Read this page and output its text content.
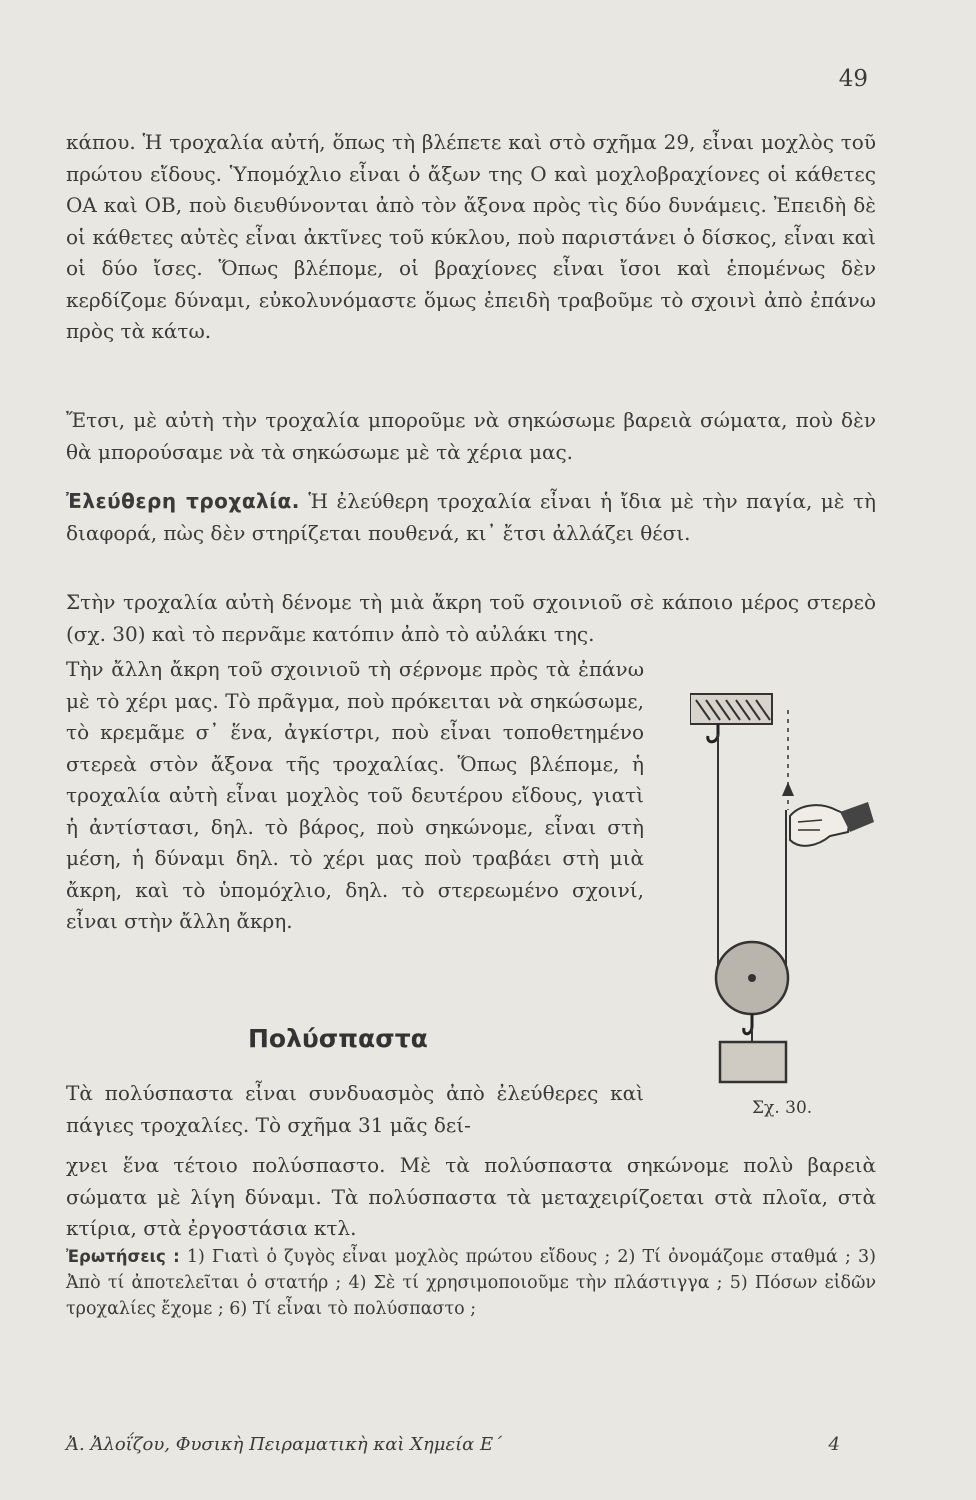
49

κάπου. Ἡ τροχαλία αὐτή, ὅπως τὴ βλέπετε καὶ στὸ σχῆμα 29, εἶναι μοχλὸς τοῦ πρώτου εἴδους. Ὑπομόχλιο εἶναι ὁ ἄξων της O καὶ μοχλοβραχίονες οἱ κάθετες OA καὶ OB, ποὺ διευθύνονται ἀπὸ τὸν ἄξονα πρὸς τὶς δύο δυνάμεις. Ἐπειδὴ δὲ οἱ κάθετες αὐτὲς εἶναι ἀκτῖνες τοῦ κύκλου, ποὺ παριστάνει ὁ δίσκος, εἶναι καὶ οἱ δύο ἴσες. Ὅπως βλέπομε, οἱ βραχίονες εἶναι ἴσοι καὶ ἑπομένως δὲν κερδίζομε δύναμι, εὐκολυνόμαστε ὅμως ἐπειδὴ τραβοῦμε τὸ σχοινὶ ἀπὸ ἐπάνω πρὸς τὰ κάτω.

Ἔτσι, μὲ αὐτὴ τὴν τροχαλία μποροῦμε νὰ σηκώσωμε βαρειὰ σώματα, ποὺ δὲν θὰ μπορούσαμε νὰ τὰ σηκώσωμε μὲ τὰ χέρια μας.

Ἐλεύθερη τροχαλία. Ἡ ἐλεύθερη τροχαλία εἶναι ἡ ἴδια μὲ τὴν παγία, μὲ τὴ διαφορά, πὼς δὲν στηρίζεται πουθενά, κι᾿ ἔτσι ἀλλάζει θέσι.

Στὴν τροχαλία αὐτὴ δένομε τὴ μιὰ ἄκρη τοῦ σχοινιοῦ σὲ κάποιο μέρος στερεὸ (σχ. 30) καὶ τὸ περνᾶμε κατόπιν ἀπὸ τὸ αὐλάκι της.

Τὴν ἄλλη ἄκρη τοῦ σχοινιοῦ τὴ σέρνομε πρὸς τὰ ἐπάνω μὲ τὸ χέρι μας. Τὸ πρᾶγμα, ποὺ πρόκειται νὰ σηκώσωμε, τὸ κρεμᾶμε σ᾿ ἕνα, ἀγκίστρι, ποὺ εἶναι τοποθετημένο στερεὰ στὸν ἄξονα τῆς τροχαλίας. Ὅπως βλέπομε, ἡ τροχαλία αὐτὴ εἶναι μοχλὸς τοῦ δευτέρου εἴδους, γιατὶ ἡ ἀντίστασι, δηλ. τὸ βάρος, ποὺ σηκώνομε, εἶναι στὴ μέση, ἡ δύναμι δηλ. τὸ χέρι μας ποὺ τραβάει στὴ μιὰ ἄκρη, καὶ τὸ ὑπομόχλιο, δηλ. τὸ στερεωμένο σχοινί, εἶναι στὴν ἄλλη ἄκρη.

Σχ. 30.
Πολύσπαστα

Τὰ πολύσπαστα εἶναι συνδυασμὸς ἀπὸ ἐλεύθερες καὶ πάγιες τροχαλίες. Τὸ σχῆμα 31 μᾶς δεί-

χνει ἕνα τέτοιο πολύσπαστο. Μὲ τὰ πολύσπαστα σηκώνομε πολὺ βαρειὰ σώματα μὲ λίγη δύναμι. Τὰ πολύσπαστα τὰ μεταχειρίζοεται στὰ πλοῖα, στὰ κτίρια, στὰ ἐργοστάσια κτλ.

Ἐρωτήσεις : 1) Γιατὶ ὁ ζυγὸς εἶναι μοχλὸς πρώτου εἴδους ; 2) Τί ὀνομάζομε σταθμά ; 3) Ἀπὸ τί ἀποτελεῖται ὁ στατήρ ; 4) Σὲ τί χρησιμοποιοῦμε τὴν πλάστιγγα ; 5) Πόσων εἰδῶν τροχαλίες ἔχομε ; 6) Τί εἶναι τὸ πολύσπαστο ;

Ἀ. Ἀλοΐζου, Φυσικὴ Πειραματικὴ καὶ Χημεία Ε´	4
